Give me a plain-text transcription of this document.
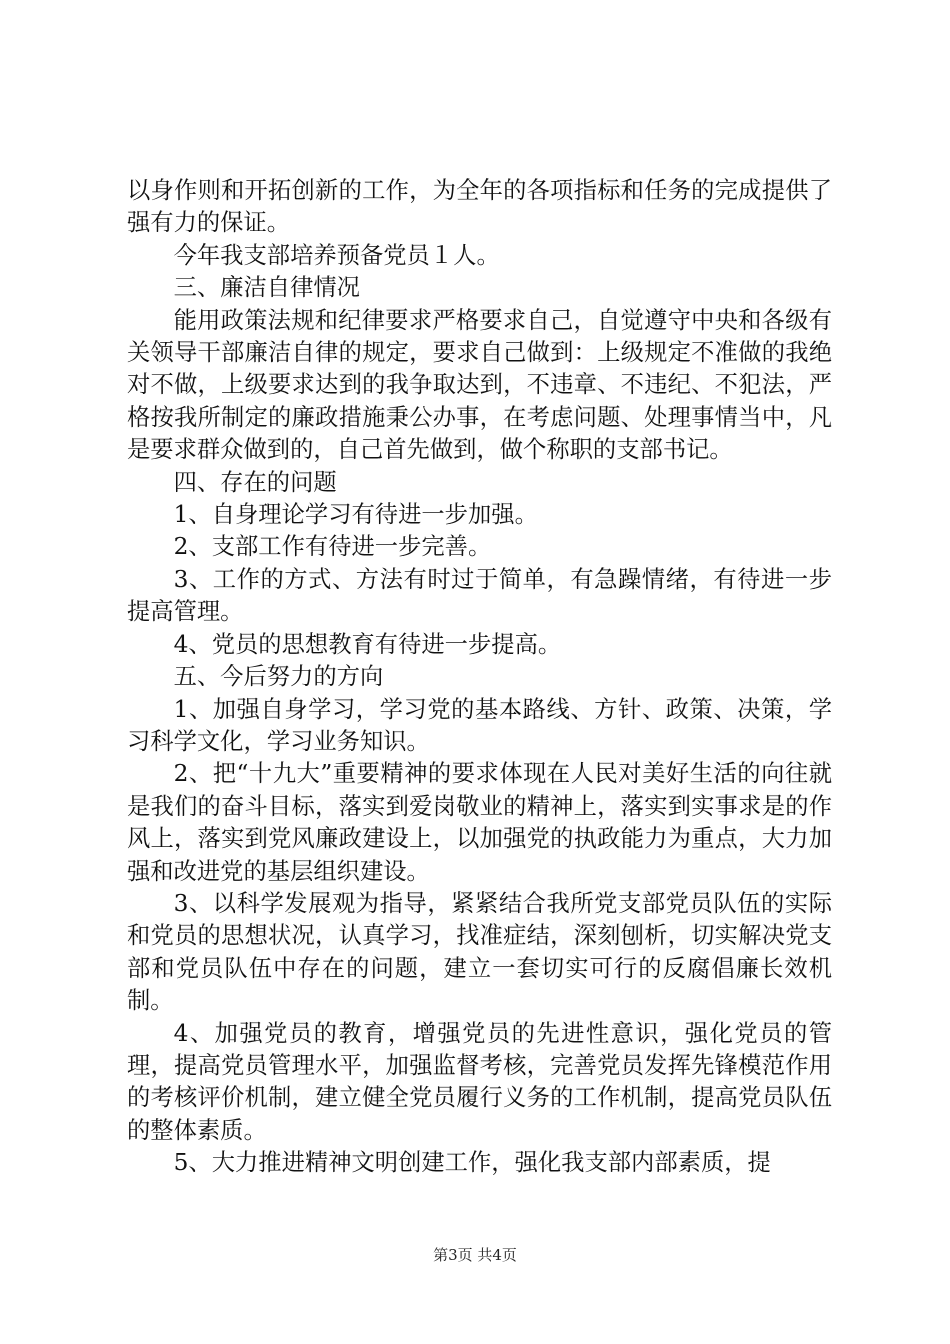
以身作则和开拓创新的工作，为全年的各项指标和任务的完成提供了强有力的保证。

今年我支部培养预备党员１人。

三、廉洁自律情况

能用政策法规和纪律要求严格要求自己，自觉遵守中央和各级有关领导干部廉洁自律的规定，要求自己做到：上级规定不准做的我绝对不做，上级要求达到的我争取达到，不违章、不违纪、不犯法，严格按我所制定的廉政措施秉公办事，在考虑问题、处理事情当中，凡是要求群众做到的，自己首先做到，做个称职的支部书记。

四、存在的问题

1、自身理论学习有待进一步加强。

2、支部工作有待进一步完善。

3、工作的方式、方法有时过于简单，有急躁情绪，有待进一步提高管理。

4、党员的思想教育有待进一步提高。

五、今后努力的方向

1、加强自身学习，学习党的基本路线、方针、政策、决策，学习科学文化，学习业务知识。

2、把“十九大”重要精神的要求体现在人民对美好生活的向往就是我们的奋斗目标，落实到爱岗敬业的精神上，落实到实事求是的作风上，落实到党风廉政建设上，以加强党的执政能力为重点，大力加强和改进党的基层组织建设。

3、以科学发展观为指导，紧紧结合我所党支部党员队伍的实际和党员的思想状况，认真学习，找准症结，深刻刨析，切实解决党支部和党员队伍中存在的问题，建立一套切实可行的反腐倡廉长效机制。

4、加强党员的教育，增强党员的先进性意识，强化党员的管理，提高党员管理水平，加强监督考核，完善党员发挥先锋模范作用的考核评价机制，建立健全党员履行义务的工作机制，提高党员队伍的整体素质。

5、大力推进精神文明创建工作，强化我支部内部素质，提

第3页 共4页
